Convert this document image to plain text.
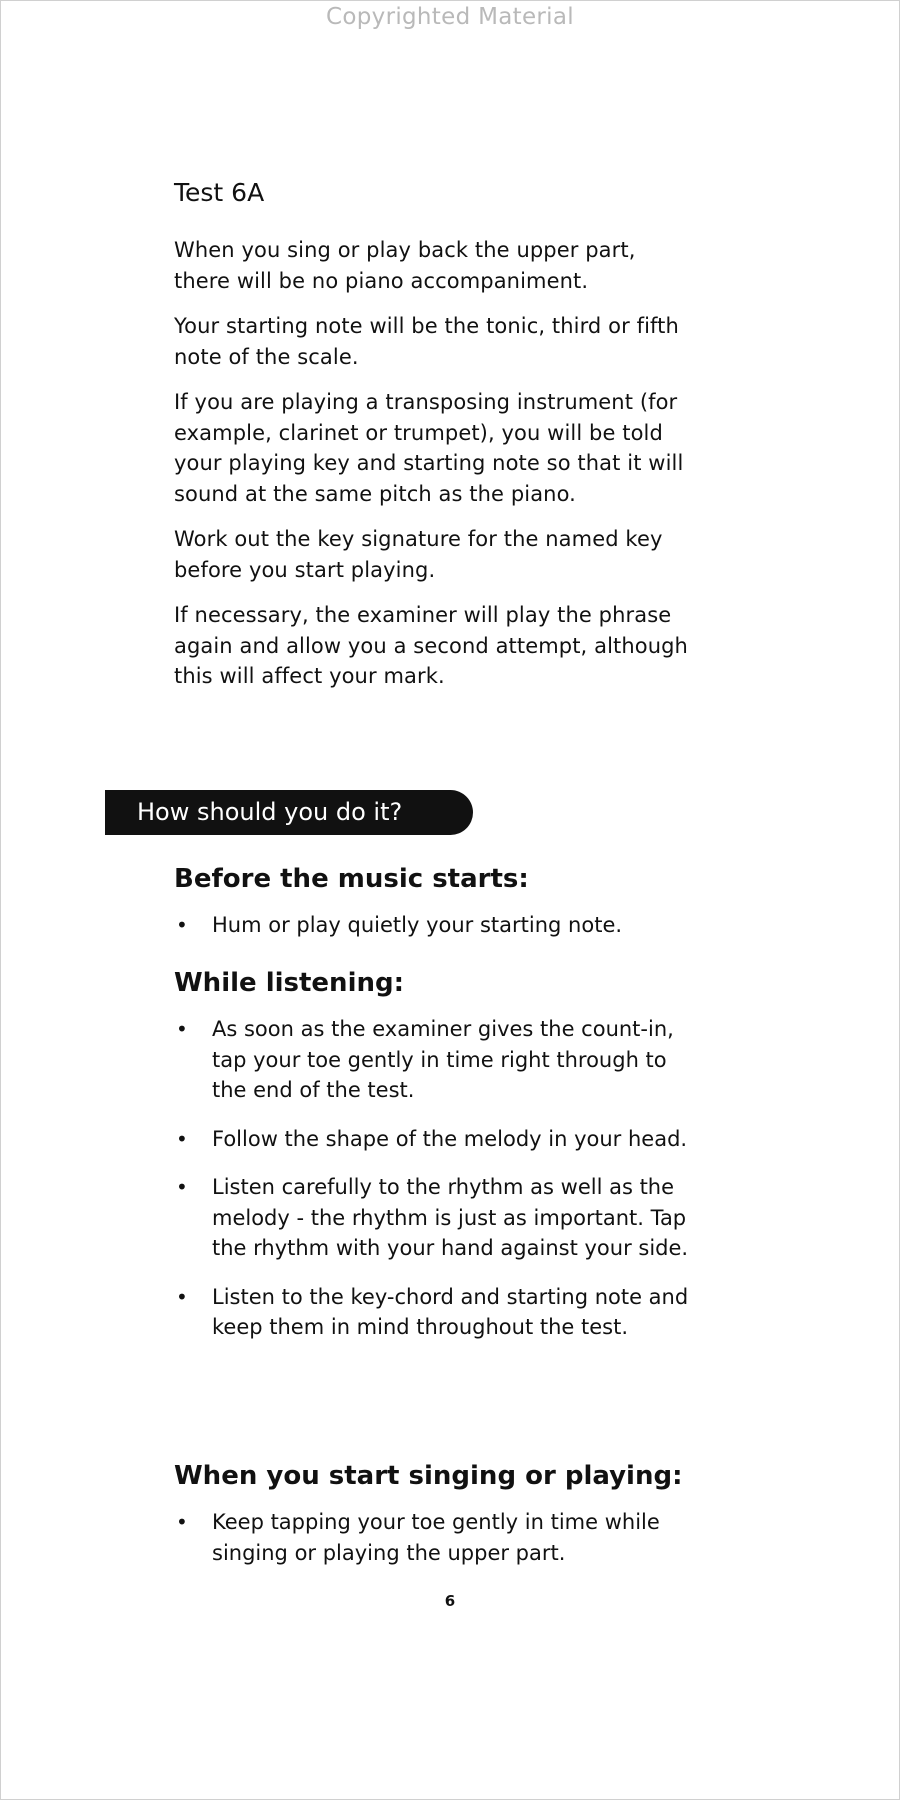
Copyrighted Material
Test 6A

When you sing or play back the upper part, there will be no piano accompaniment.

Your starting note will be the tonic, third or fifth note of the scale.

If you are playing a transposing instrument (for example, clarinet or trumpet), you will be told your playing key and starting note so that it will sound at the same pitch as the piano.

Work out the key signature for the named key before you start playing.

If necessary, the examiner will play the phrase again and allow you a second attempt, although this will affect your mark.

How should you do it?
Before the music starts:
• Hum or play quietly your starting note.
While listening:
• As soon as the examiner gives the count-in, tap your toe gently in time right through to the end of the test.
• Follow the shape of the melody in your head.
• Listen carefully to the rhythm as well as the melody - the rhythm is just as important. Tap the rhythm with your hand against your side.
• Listen to the key-chord and starting note and keep them in mind throughout the test.
When you start singing or playing:
• Keep tapping your toe gently in time while singing or playing the upper part.
6
